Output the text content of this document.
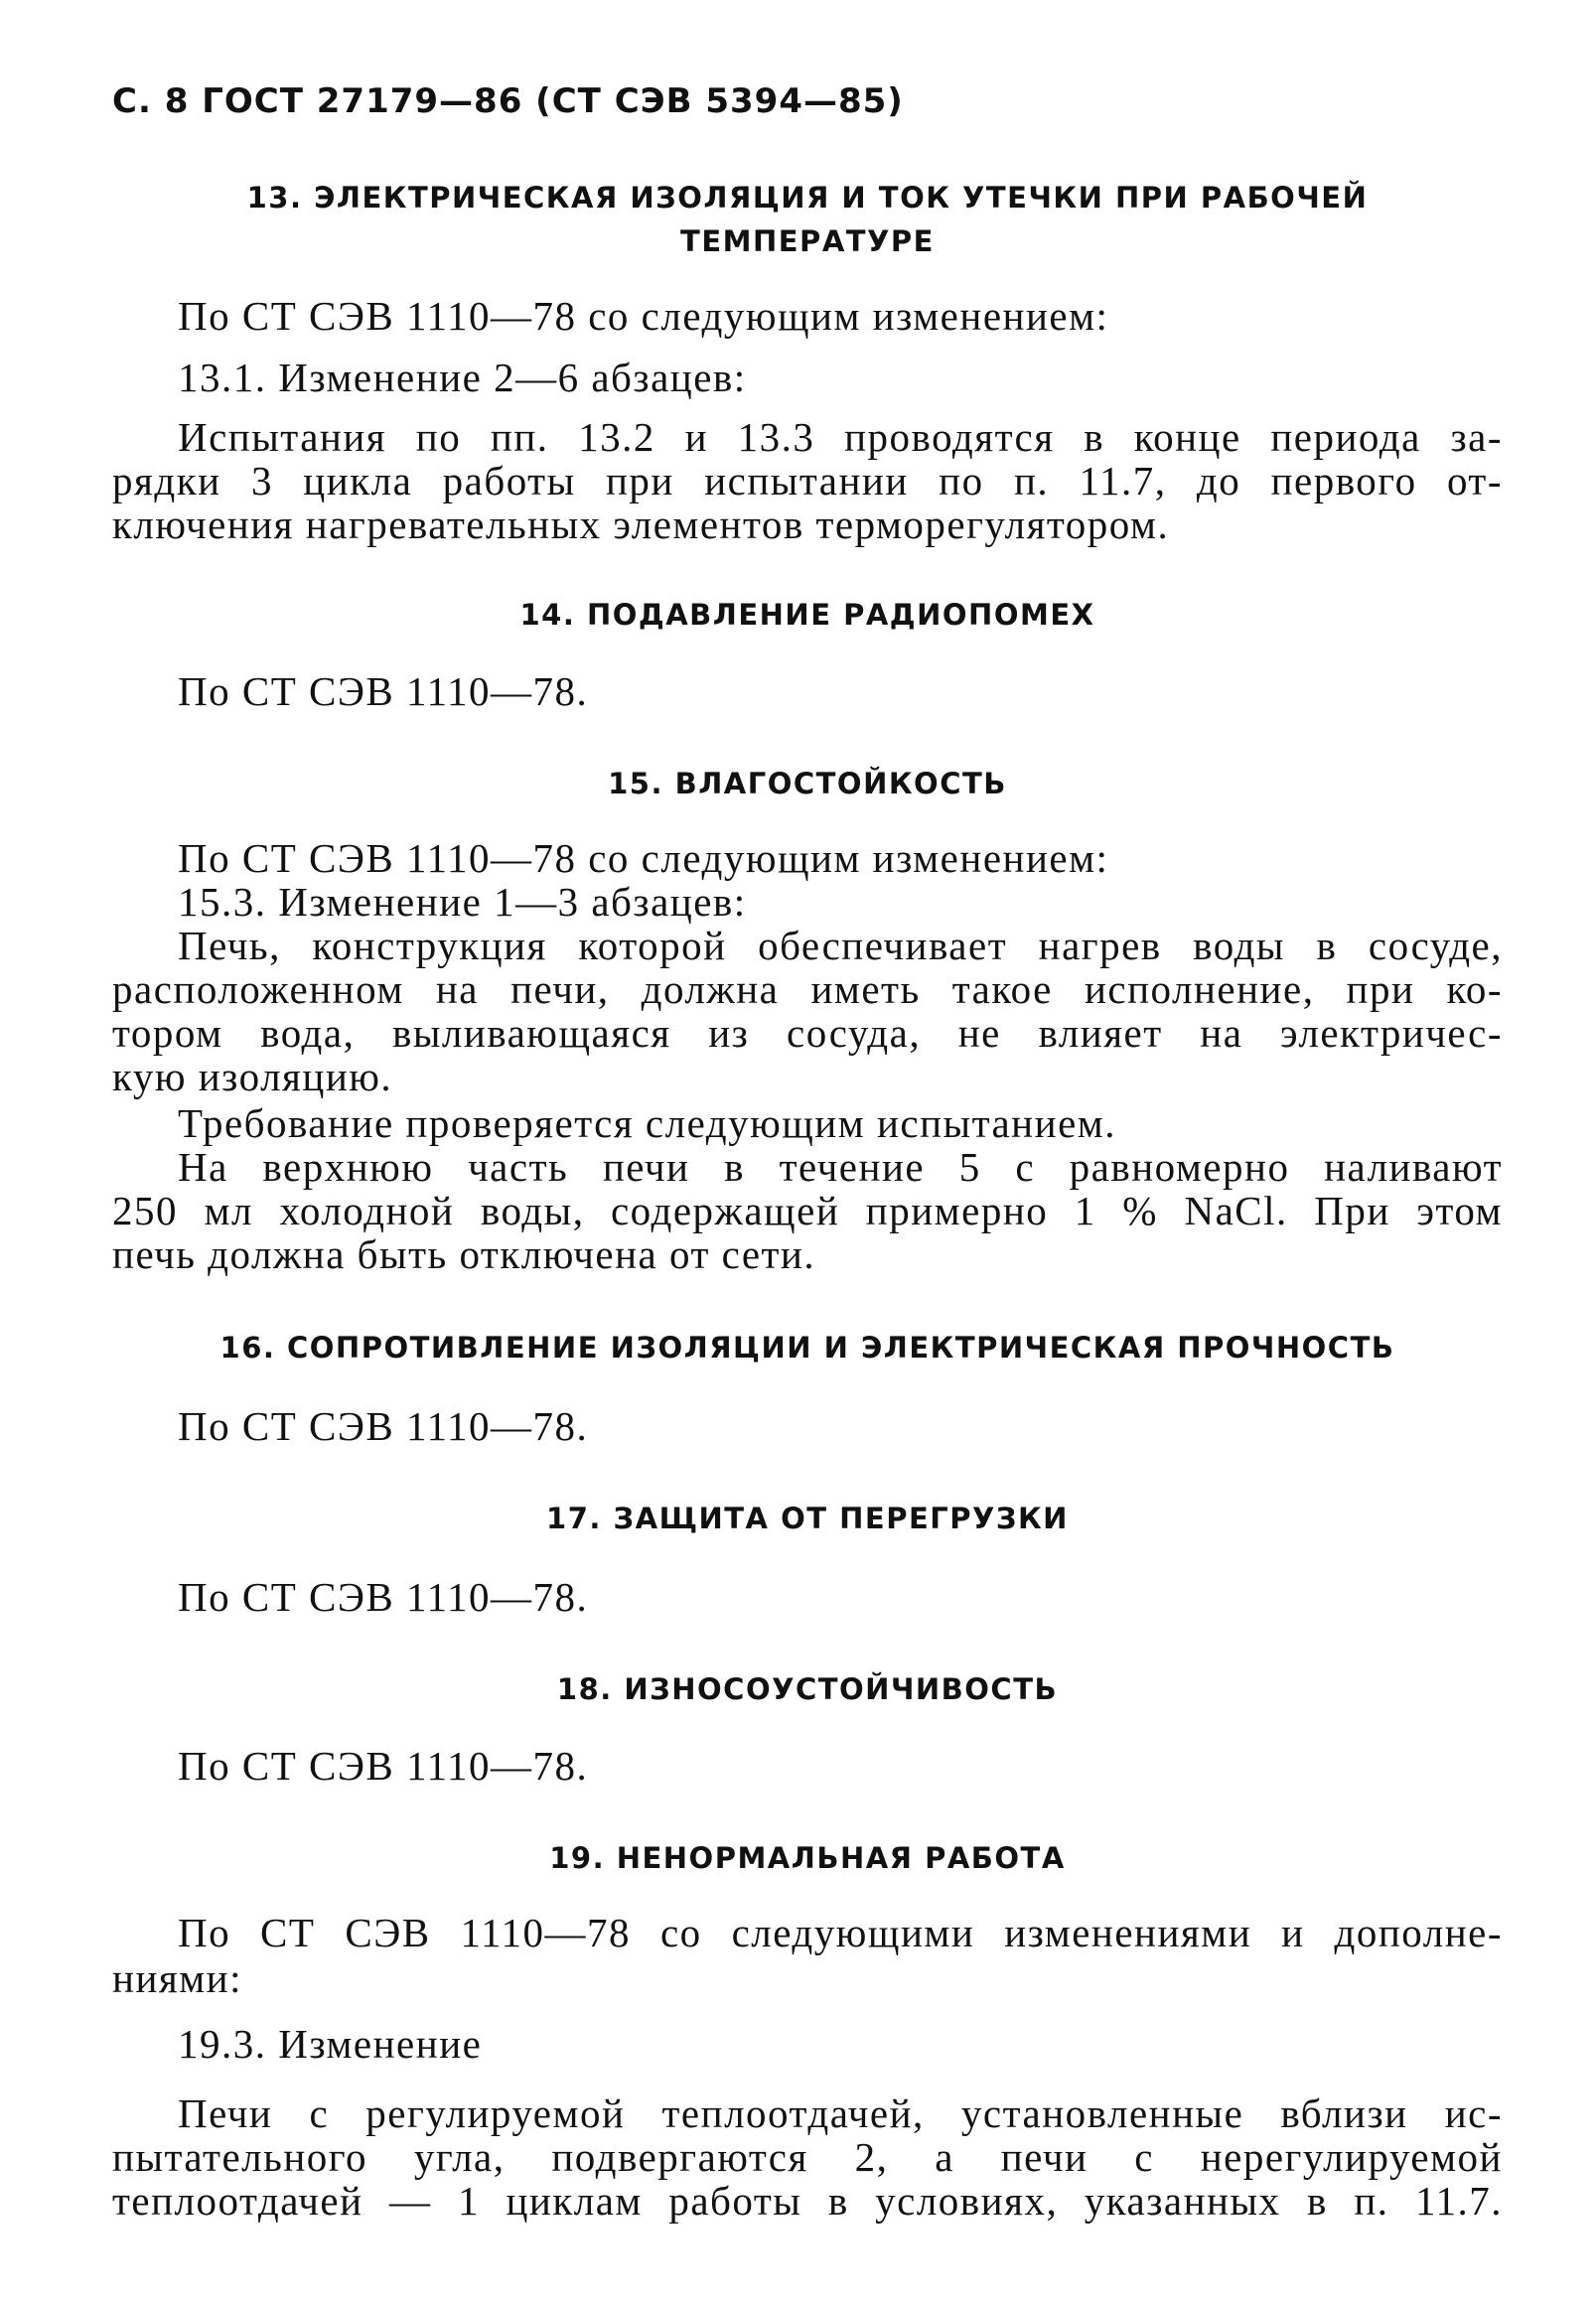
С. 8 ГОСТ 27179—86 (СТ СЭВ 5394—85)
13. ЭЛЕКТРИЧЕСКАЯ ИЗОЛЯЦИЯ И ТОК УТЕЧКИ ПРИ РАБОЧЕЙ
ТЕМПЕРАТУРЕ
По СТ СЭВ 1110—78 со следующим изменением:
13.1. Изменение 2—6 абзацев:
Испытания по пп. 13.2 и 13.3 проводятся в конце периода за-
рядки 3 цикла работы при испытании по п. 11.7, до первого от-
ключения нагревательных элементов терморегулятором.
14. ПОДАВЛЕНИЕ РАДИОПОМЕХ
По СТ СЭВ 1110—78.
15. ВЛАГОСТОЙКОСТЬ
По СТ СЭВ 1110—78 со следующим изменением:
15.3. Изменение 1—3 абзацев:
Печь, конструкция которой обеспечивает нагрев воды в сосуде,
расположенном на печи, должна иметь такое исполнение, при ко-
тором вода, выливающаяся из сосуда, не влияет на электричес-
кую изоляцию.
Требование проверяется следующим испытанием.
На верхнюю часть печи в течение 5 с равномерно наливают
250 мл холодной воды, содержащей примерно 1 % NaCl. При этом
печь должна быть отключена от сети.
16. СОПРОТИВЛЕНИЕ ИЗОЛЯЦИИ И ЭЛЕКТРИЧЕСКАЯ ПРОЧНОСТЬ
По СТ СЭВ 1110—78.
17. ЗАЩИТА ОТ ПЕРЕГРУЗКИ
По СТ СЭВ 1110—78.
18. ИЗНОСОУСТОЙЧИВОСТЬ
По СТ СЭВ 1110—78.
19. НЕНОРМАЛЬНАЯ РАБОТА
По СТ СЭВ 1110—78 со следующими изменениями и дополне-
ниями:
19.3. Изменение
Печи с регулируемой теплоотдачей, установленные вблизи ис-
пытательного угла, подвергаются 2, а печи с нерегулируемой
теплоотдачей — 1 циклам работы в условиях, указанных в п. 11.7.
